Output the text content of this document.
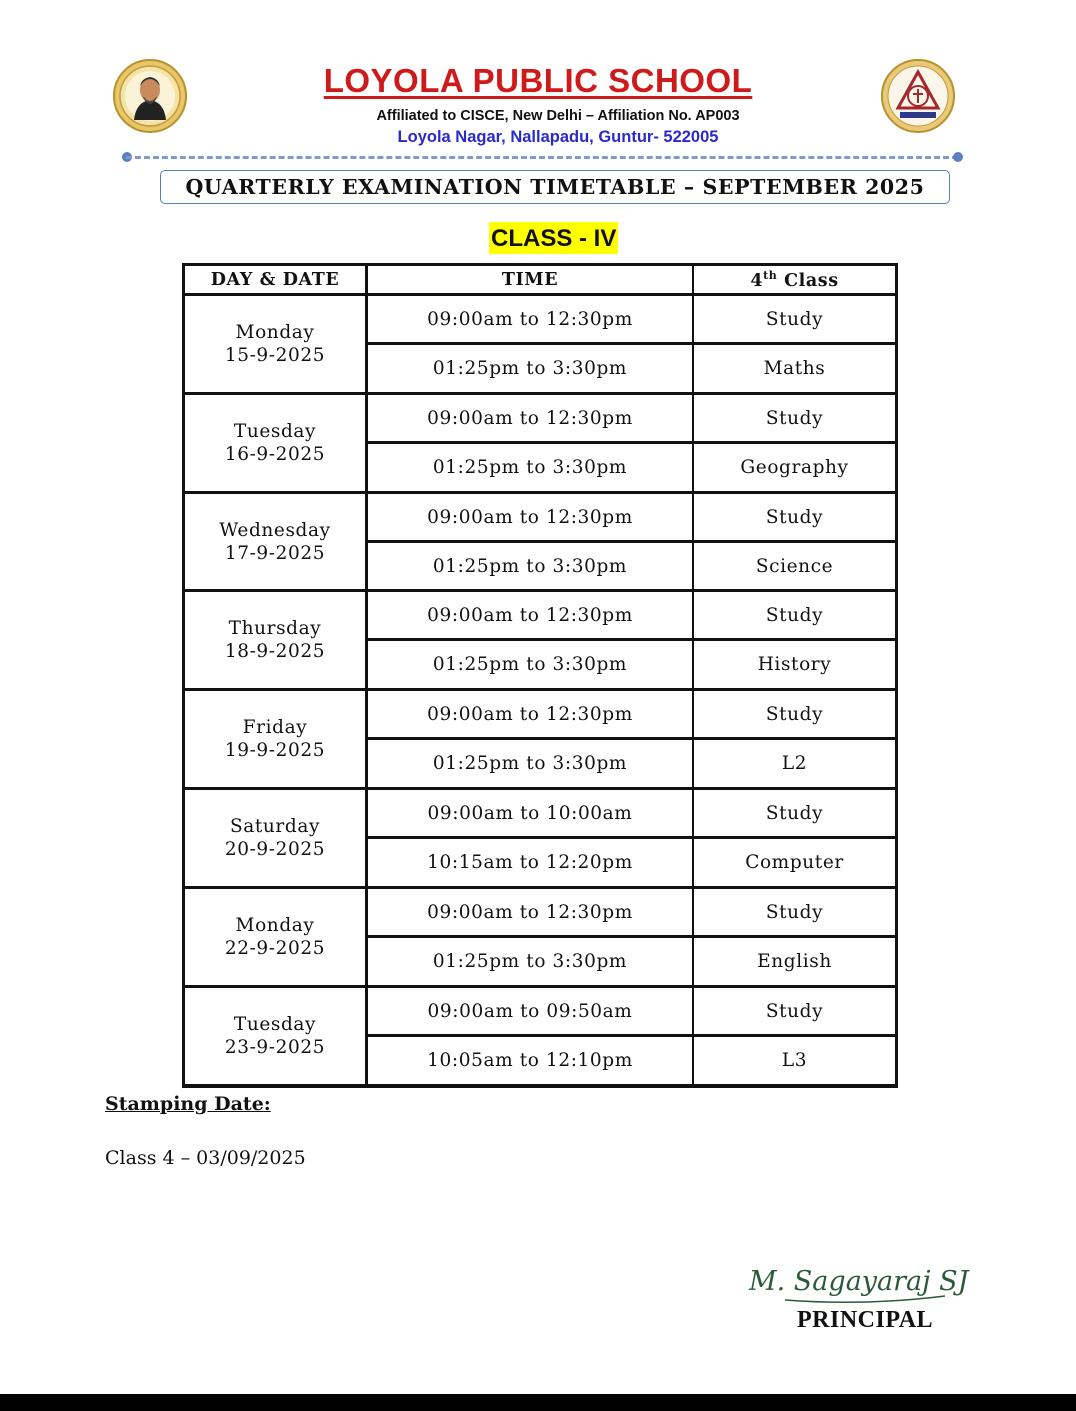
LOYOLA PUBLIC SCHOOL
Affiliated to CISCE, New Delhi – Affiliation No. AP003
Loyola Nagar, Nallapadu, Guntur- 522005
QUARTERLY EXAMINATION TIMETABLE – SEPTEMBER 2025
CLASS - IV
DAY & DATE	TIME	4th Class

Monday
15-9-2025	09:00am to 12:30pm	Study
	01:25pm to 3:30pm	Maths

Tuesday
16-9-2025	09:00am to 12:30pm	Study
	01:25pm to 3:30pm	Geography

Wednesday
17-9-2025	09:00am to 12:30pm	Study
	01:25pm to 3:30pm	Science

Thursday
18-9-2025	09:00am to 12:30pm	Study
	01:25pm to 3:30pm	History

Friday
19-9-2025	09:00am to 12:30pm	Study
	01:25pm to 3:30pm	L2

Saturday
20-9-2025	09:00am to 10:00am	Study
	10:15am to 12:20pm	Computer

Monday
22-9-2025	09:00am to 12:30pm	Study
	01:25pm to 3:30pm	English

Tuesday
23-9-2025	09:00am to 09:50am	Study
	10:05am to 12:10pm	L3
Stamping Date:
Class 4 – 03/09/2025
M. Sagayaraj SJ
PRINCIPAL
